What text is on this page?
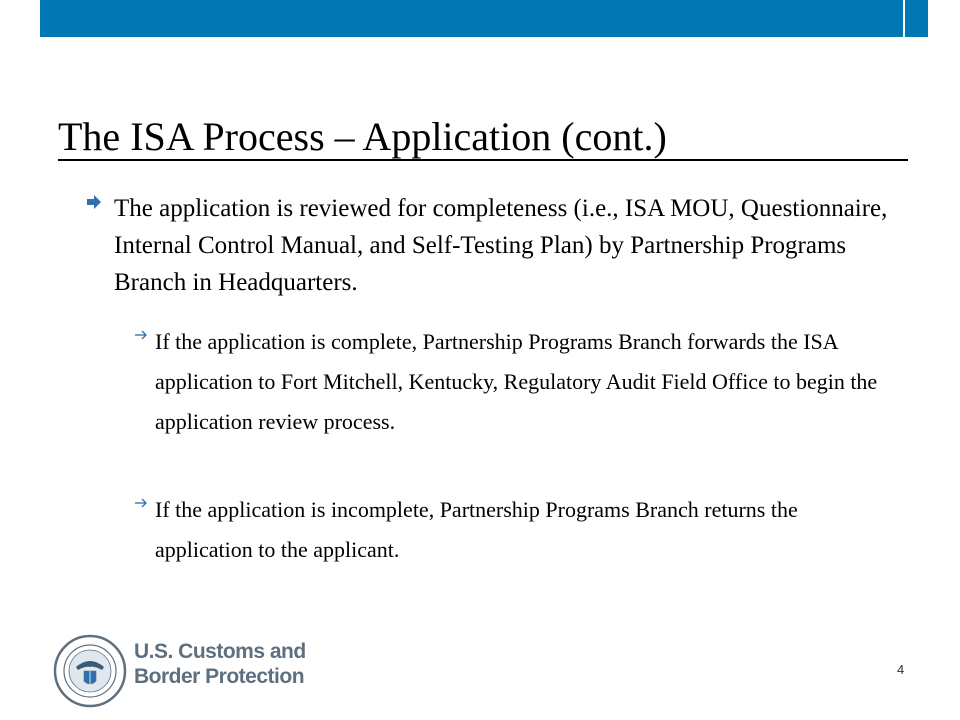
The ISA Process – Application (cont.)
The application is reviewed for completeness (i.e., ISA MOU, Questionnaire, Internal Control Manual, and Self-Testing Plan) by Partnership Programs Branch in Headquarters.
If the application is complete, Partnership Programs Branch forwards the ISA application to Fort Mitchell, Kentucky, Regulatory Audit Field Office to begin the application review process.
If the application is incomplete, Partnership Programs Branch returns the application to the applicant.
U.S. Customs and
Border Protection	4
